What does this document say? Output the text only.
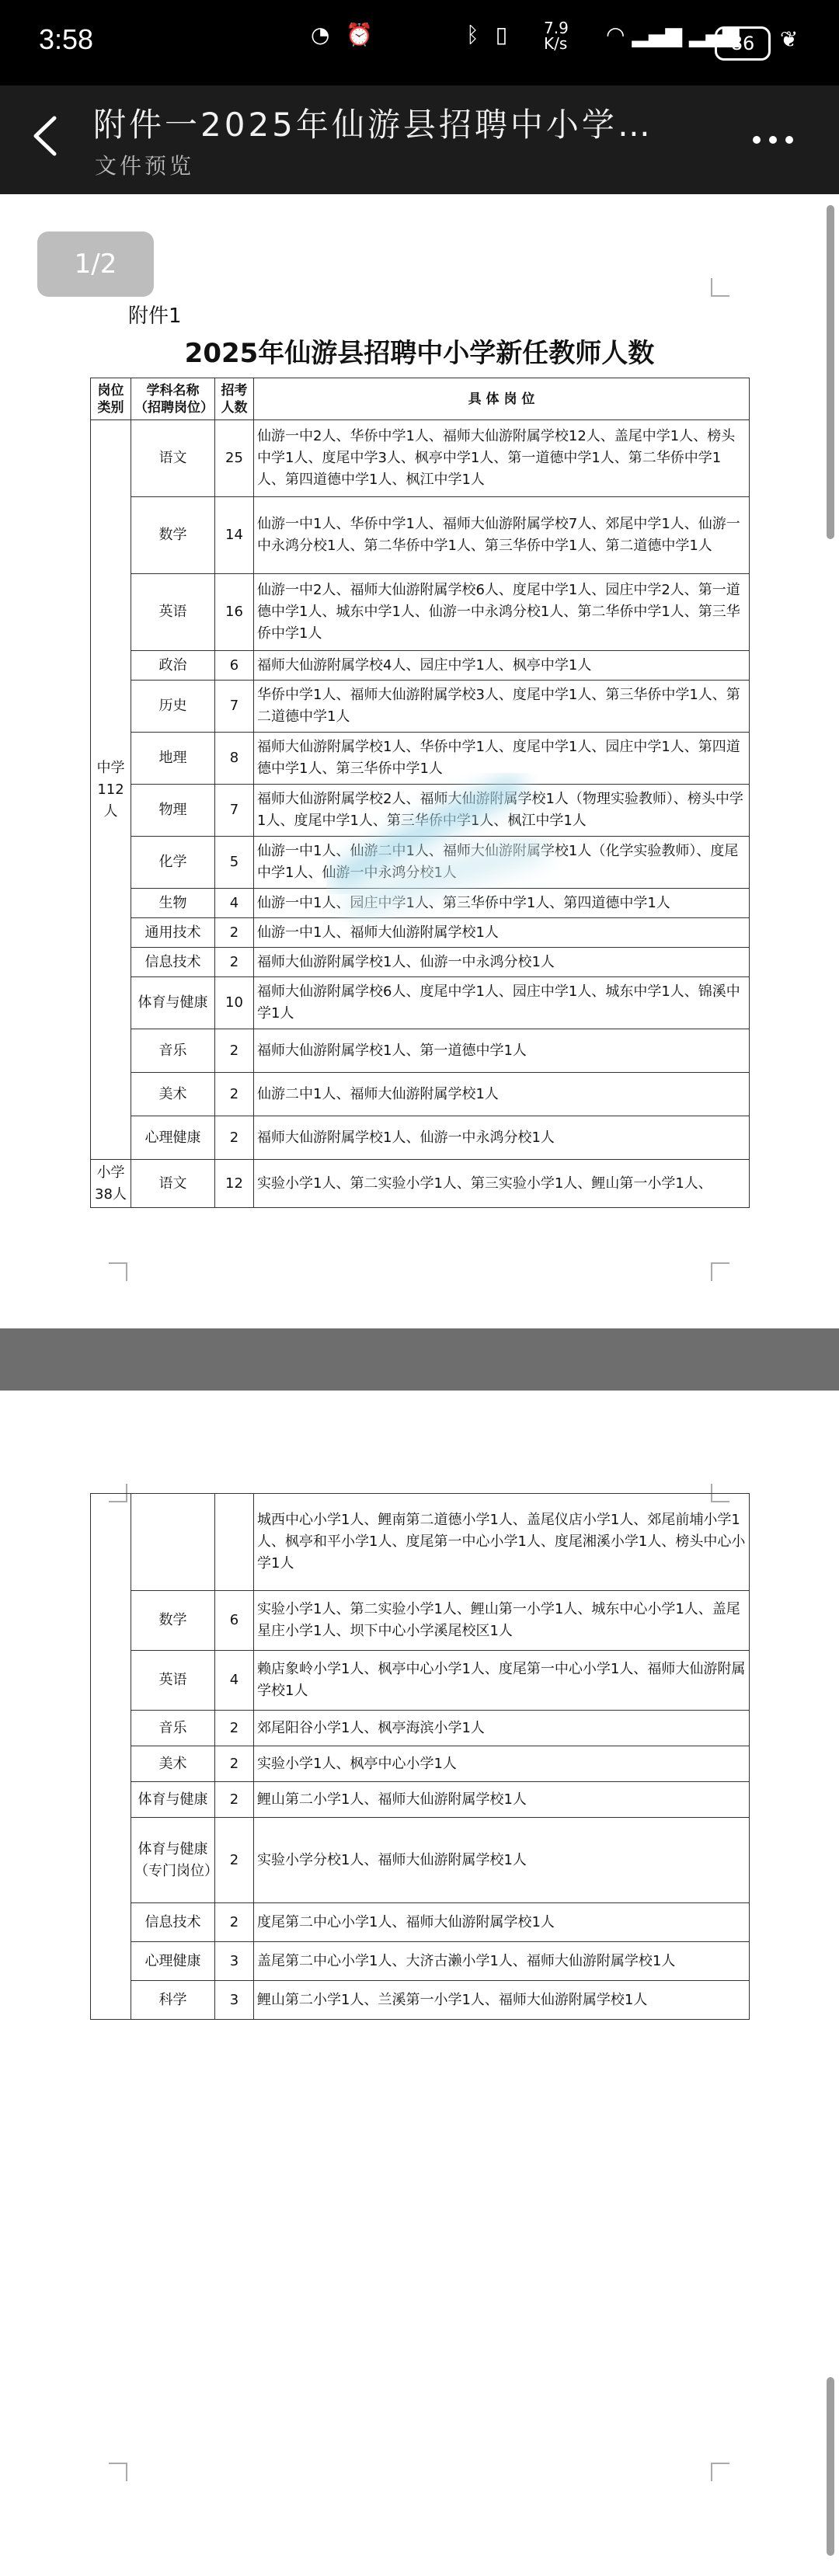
3:58	◔ ⏰	ᛒ ▯ 7.9
K/s ◠ ▂▄▆ ▂▄▆
86	❦
附件一2025年仙游县招聘中小学…
文件预览
1/2
附件1
2025年仙游县招聘中小学新任教师人数
岗位类别	学科名称（招聘岗位）	招考人数	具 体 岗 位
中学112人	语文	25	仙游一中2人、华侨中学1人、福师大仙游附属学校12人、盖尾中学1人、榜头中学1人、度尾中学3人、枫亭中学1人、第一道德中学1人、第二华侨中学1人、第四道德中学1人、枫江中学1人
	数学	14	仙游一中1人、华侨中学1人、福师大仙游附属学校7人、郊尾中学1人、仙游一中永鸿分校1人、第二华侨中学1人、第三华侨中学1人、第二道德中学1人
	英语	16	仙游一中2人、福师大仙游附属学校6人、度尾中学1人、园庄中学2人、第一道德中学1人、城东中学1人、仙游一中永鸿分校1人、第二华侨中学1人、第三华侨中学1人
	政治	6	福师大仙游附属学校4人、园庄中学1人、枫亭中学1人
	历史	7	华侨中学1人、福师大仙游附属学校3人、度尾中学1人、第三华侨中学1人、第二道德中学1人
	地理	8	福师大仙游附属学校1人、华侨中学1人、度尾中学1人、园庄中学1人、第四道德中学1人、第三华侨中学1人
	物理	7	福师大仙游附属学校2人、福师大仙游附属学校1人（物理实验教师）、榜头中学1人、度尾中学1人、第三华侨中学1人、枫江中学1人
	化学	5	仙游一中1人、仙游二中1人、福师大仙游附属学校1人（化学实验教师）、度尾中学1人、仙游一中永鸿分校1人
	生物	4	仙游一中1人、园庄中学1人、第三华侨中学1人、第四道德中学1人
	通用技术	2	仙游一中1人、福师大仙游附属学校1人
	信息技术	2	福师大仙游附属学校1人、仙游一中永鸿分校1人
	体育与健康	10	福师大仙游附属学校6人、度尾中学1人、园庄中学1人、城东中学1人、锦溪中学1人
	音乐	2	福师大仙游附属学校1人、第一道德中学1人
	美术	2	仙游二中1人、福师大仙游附属学校1人
	心理健康	2	福师大仙游附属学校1人、仙游一中永鸿分校1人
小学38人	语文	12	实验小学1人、第二实验小学1人、第三实验小学1人、鲤山第一小学1人、
			城西中心小学1人、鲤南第二道德小学1人、盖尾仪店小学1人、郊尾前埔小学1人、枫亭和平小学1人、度尾第一中心小学1人、度尾湘溪小学1人、榜头中心小学1人
	数学	6	实验小学1人、第二实验小学1人、鲤山第一小学1人、城东中心小学1人、盖尾星庄小学1人、坝下中心小学溪尾校区1人
	英语	4	赖店象岭小学1人、枫亭中心小学1人、度尾第一中心小学1人、福师大仙游附属学校1人
	音乐	2	郊尾阳谷小学1人、枫亭海滨小学1人
	美术	2	实验小学1人、枫亭中心小学1人
	体育与健康	2	鲤山第二小学1人、福师大仙游附属学校1人
	体育与健康（专门岗位）	2	实验小学分校1人、福师大仙游附属学校1人
	信息技术	2	度尾第二中心小学1人、福师大仙游附属学校1人
	心理健康	3	盖尾第二中心小学1人、大济古濑小学1人、福师大仙游附属学校1人
	科学	3	鲤山第二小学1人、兰溪第一小学1人、福师大仙游附属学校1人
